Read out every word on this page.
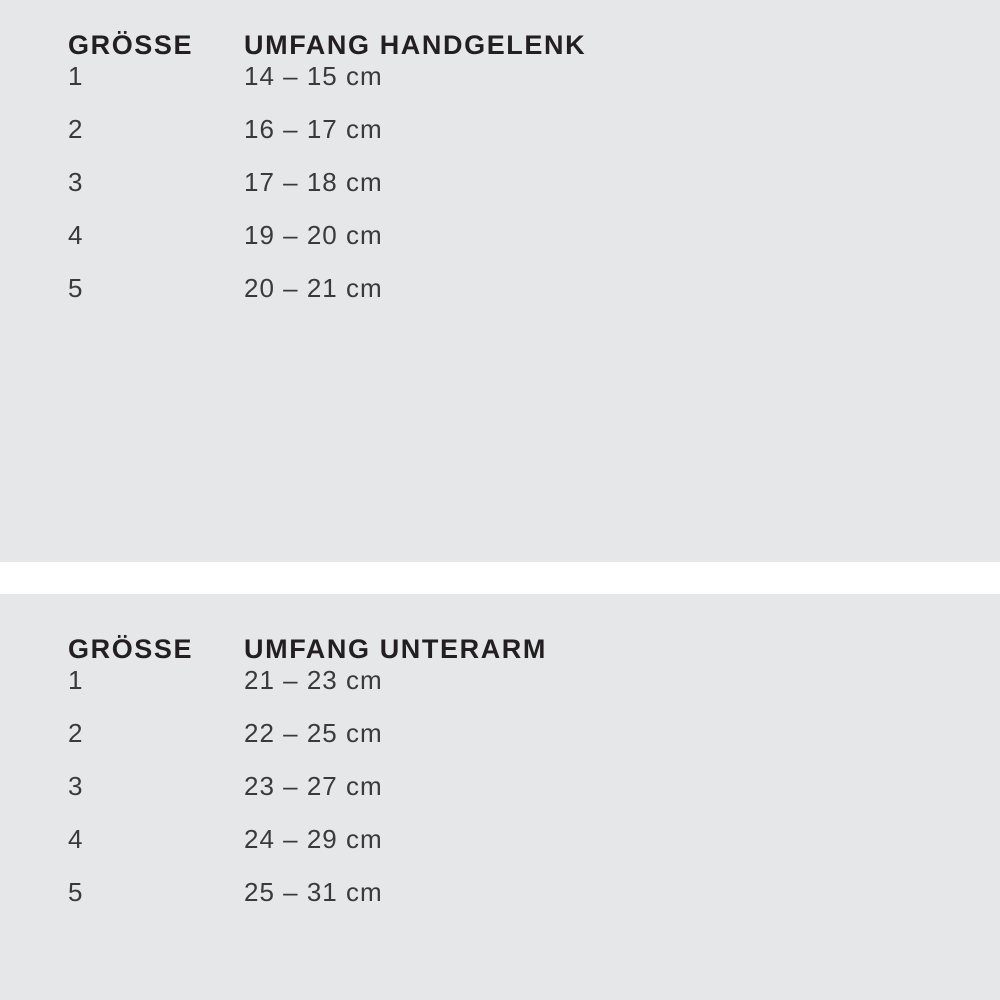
GRÖSSE	UMFANG HANDGELENK
1	14 – 15 cm
2	16 – 17 cm
3	17 – 18 cm
4	19 – 20 cm
5	20 – 21 cm
GRÖSSE	UMFANG UNTERARM
1	21 – 23 cm
2	22 – 25 cm
3	23 – 27 cm
4	24 – 29 cm
5	25 – 31 cm
